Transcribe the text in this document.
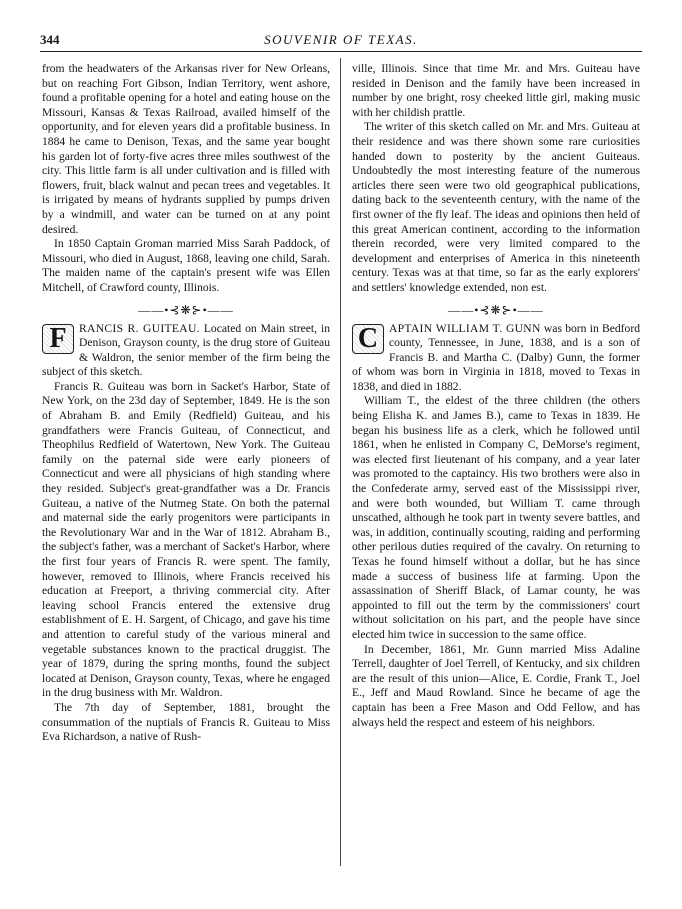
344	SOUVENIR OF TEXAS.

from the headwaters of the Arkansas river for New Orleans, but on reaching Fort Gibson, Indian Territory, went ashore, found a profitable opening for a hotel and eating house on the Missouri, Kansas & Texas Railroad, availed himself of the opportunity, and for eleven years did a profitable business. In 1884 he came to Denison, Texas, and the same year bought his garden lot of forty-five acres three miles southwest of the city. This little farm is all under cultivation and is filled with flowers, fruit, black walnut and pecan trees and vegetables. It is irrigated by means of hydrants supplied by pumps driven by a windmill, and water can be turned on at any point desired.

In 1850 Captain Groman married Miss Sarah Paddock, of Missouri, who died in August, 1868, leaving one child, Sarah. The maiden name of the captain's present wife was Ellen Mitchell, of Crawford county, Illinois.

——•⊰❋⊱•——
F	RANCIS R. GUITEAU. Located on Main street, in Denison, Grayson county, is the drug store of Guiteau & Waldron, the senior member of the firm being the subject of this sketch.

Francis R. Guiteau was born in Sacket's Harbor, State of New York, on the 23d day of September, 1849. He is the son of Abraham B. and Emily (Redfield) Guiteau, and his grandfathers were Francis Guiteau, of Connecticut, and Theophilus Redfield of Watertown, New York. The Guiteau family on the paternal side were early pioneers of Connecticut and were all physicians of high standing where they resided. Subject's great-grandfather was a Dr. Francis Guiteau, a native of the Nutmeg State. On both the paternal and maternal side the early progenitors were participants in the Revolutionary War and in the War of 1812. Abraham B., the subject's father, was a merchant of Sacket's Harbor, where the first four years of Francis R. were spent. The family, however, removed to Illinois, where Francis received his education at Freeport, a thriving commercial city. After leaving school Francis entered the extensive drug establishment of E. H. Sargent, of Chicago, and gave his time and attention to careful study of the various mineral and vegetable substances known to the practical druggist. The year of 1879, during the spring months, found the subject located at Denison, Grayson county, Texas, where he engaged in the drug business with Mr. Waldron.

The 7th day of September, 1881, brought the consummation of the nuptials of Francis R. Guiteau to Miss Eva Richardson, a native of Rush-

ville, Illinois. Since that time Mr. and Mrs. Guiteau have resided in Denison and the family have been increased in number by one bright, rosy cheeked little girl, making music with her childish prattle.

The writer of this sketch called on Mr. and Mrs. Guiteau at their residence and was there shown some rare curiosities handed down to posterity by the ancient Guiteaus. Undoubtedly the most interesting feature of the numerous articles there seen were two old geographical publications, dating back to the seventeenth century, with the name of the first owner of the fly leaf. The ideas and opinions then held of this great American continent, according to the information therein recorded, were very limited compared to the development and enterprises of America in this nineteenth century. Texas was at that time, so far as the early explorers' and settlers' knowledge extended, non est.

——•⊰❋⊱•——
C APTAIN WILLIAM T. GUNN was born in Bedford county, Tennessee, in June, 1838, and is a son of Francis B. and Martha C. (Dalby) Gunn, the former of whom was born in Virginia in 1818, moved to Texas in 1838, and died in 1882.

William T., the eldest of the three children (the others being Elisha K. and James B.), came to Texas in 1839. He began his business life as a clerk, which he followed until 1861, when he enlisted in Company C, DeMorse's regiment, was elected first lieutenant of his company, and a year later was promoted to the captaincy. His two brothers were also in the Confederate army, served east of the Mississippi river, and were both wounded, but William T. came through unscathed, although he took part in twenty severe battles, and was, in addition, continually scouting, raiding and performing other perilous duties required of the cavalry. On returning to Texas he found himself without a dollar, but he has since made a success of business life at farming. Upon the assassination of Sheriff Black, of Lamar county, he was appointed to fill out the term by the commissioners' court without solicitation on his part, and the people have since elected him twice in succession to the same office.

In December, 1861, Mr. Gunn married Miss Adaline Terrell, daughter of Joel Terrell, of Kentucky, and six children are the result of this union—Alice, E. Cordie, Frank T., Joel E., Jeff and Maud Rowland. Since he became of age the captain has been a Free Mason and Odd Fellow, and has always held the respect and esteem of his neighbors.
